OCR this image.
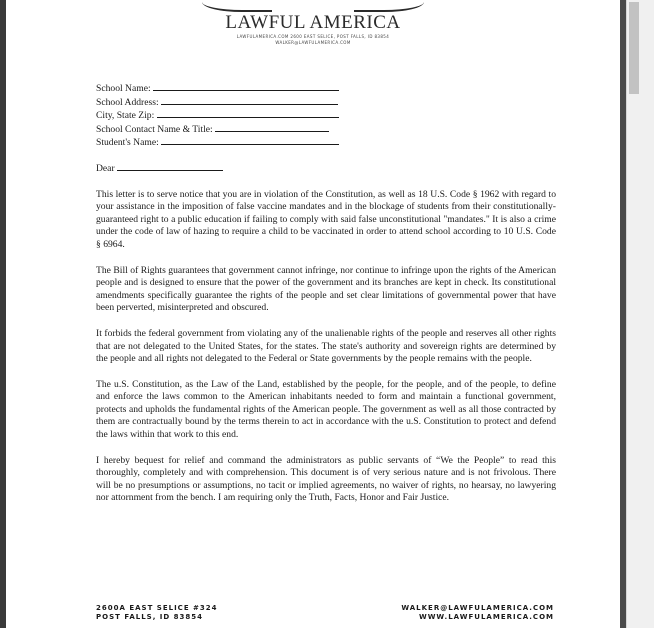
LAWFUL AMERICA
LAWFULAMERICA.COM 2600 EAST SELICE, POST FALLS, ID 83854
WALKER@LAWFULAMERICA.COM
School Name:
School Address:
City, State Zip:
School Contact Name & Title:
Student's Name:
Dear

This letter is to serve notice that you are in violation of the Constitution, as well as 18 U.S. Code § 1962 with regard to your assistance in the imposition of false vaccine mandates and in the blockage of students from their constitutionally-guaranteed right to a public education if failing to comply with said false unconstitutional "mandates." It is also a crime under the code of law of hazing to require a child to be vaccinated in order to attend school according to 10 U.S. Code § 6964.

The Bill of Rights guarantees that government cannot infringe, nor continue to infringe upon the rights of the American people and is designed to ensure that the power of the government and its branches are kept in check. Its constitutional amendments specifically guarantee the rights of the people and set clear limitations of governmental power that have been perverted, misinterpreted and obscured.

It forbids the federal government from violating any of the unalienable rights of the people and reserves all other rights that are not delegated to the United States, for the states. The state's authority and sovereign rights are determined by the people and all rights not delegated to the Federal or State governments by the people remains with the people.

The u.S. Constitution, as the Law of the Land, established by the people, for the people, and of the people, to define and enforce the laws common to the American inhabitants needed to form and maintain a functional government, protects and upholds the fundamental rights of the American people. The government as well as all those contracted by them are contractually bound by the terms therein to act in accordance with the u.S. Constitution to protect and defend the laws within that work to this end.

I hereby bequest for relief and command the administrators as public servants of “We the People” to read this thoroughly, completely and with comprehension. This document is of very serious nature and is not frivolous. There will be no presumptions or assumptions, no tacit or implied agreements, no waiver of rights, no hearsay, no lawyering nor attornment from the bench. I am requiring only the Truth, Facts, Honor and Fair Justice.

2600A EAST SELICE #324
POST FALLS, ID 83854
WALKER@LAWFULAMERICA.COM
WWW.LAWFULAMERICA.COM
